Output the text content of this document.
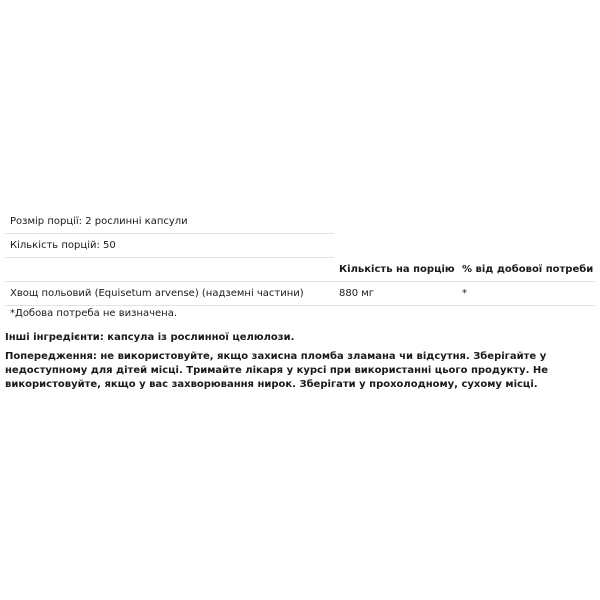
Розмір порції: 2 рослинні капсули
Кількість порцій: 50
Кількість на порцію % від добової потреби
Хвощ польовий (Equisetum arvense) (надземні частини)	880 мг	*
*Добова потреба не визначена.
Інші інгредієнти: капсула із рослинної целюлози.
Попередження: не використовуйте, якщо захисна пломба зламана чи відсутня. Зберігайте у недоступному для дітей місці. Тримайте лікаря у курсі при використанні цього продукту. Не використовуйте, якщо у вас захворювання нирок. Зберігати у прохолодному, сухому місці.
